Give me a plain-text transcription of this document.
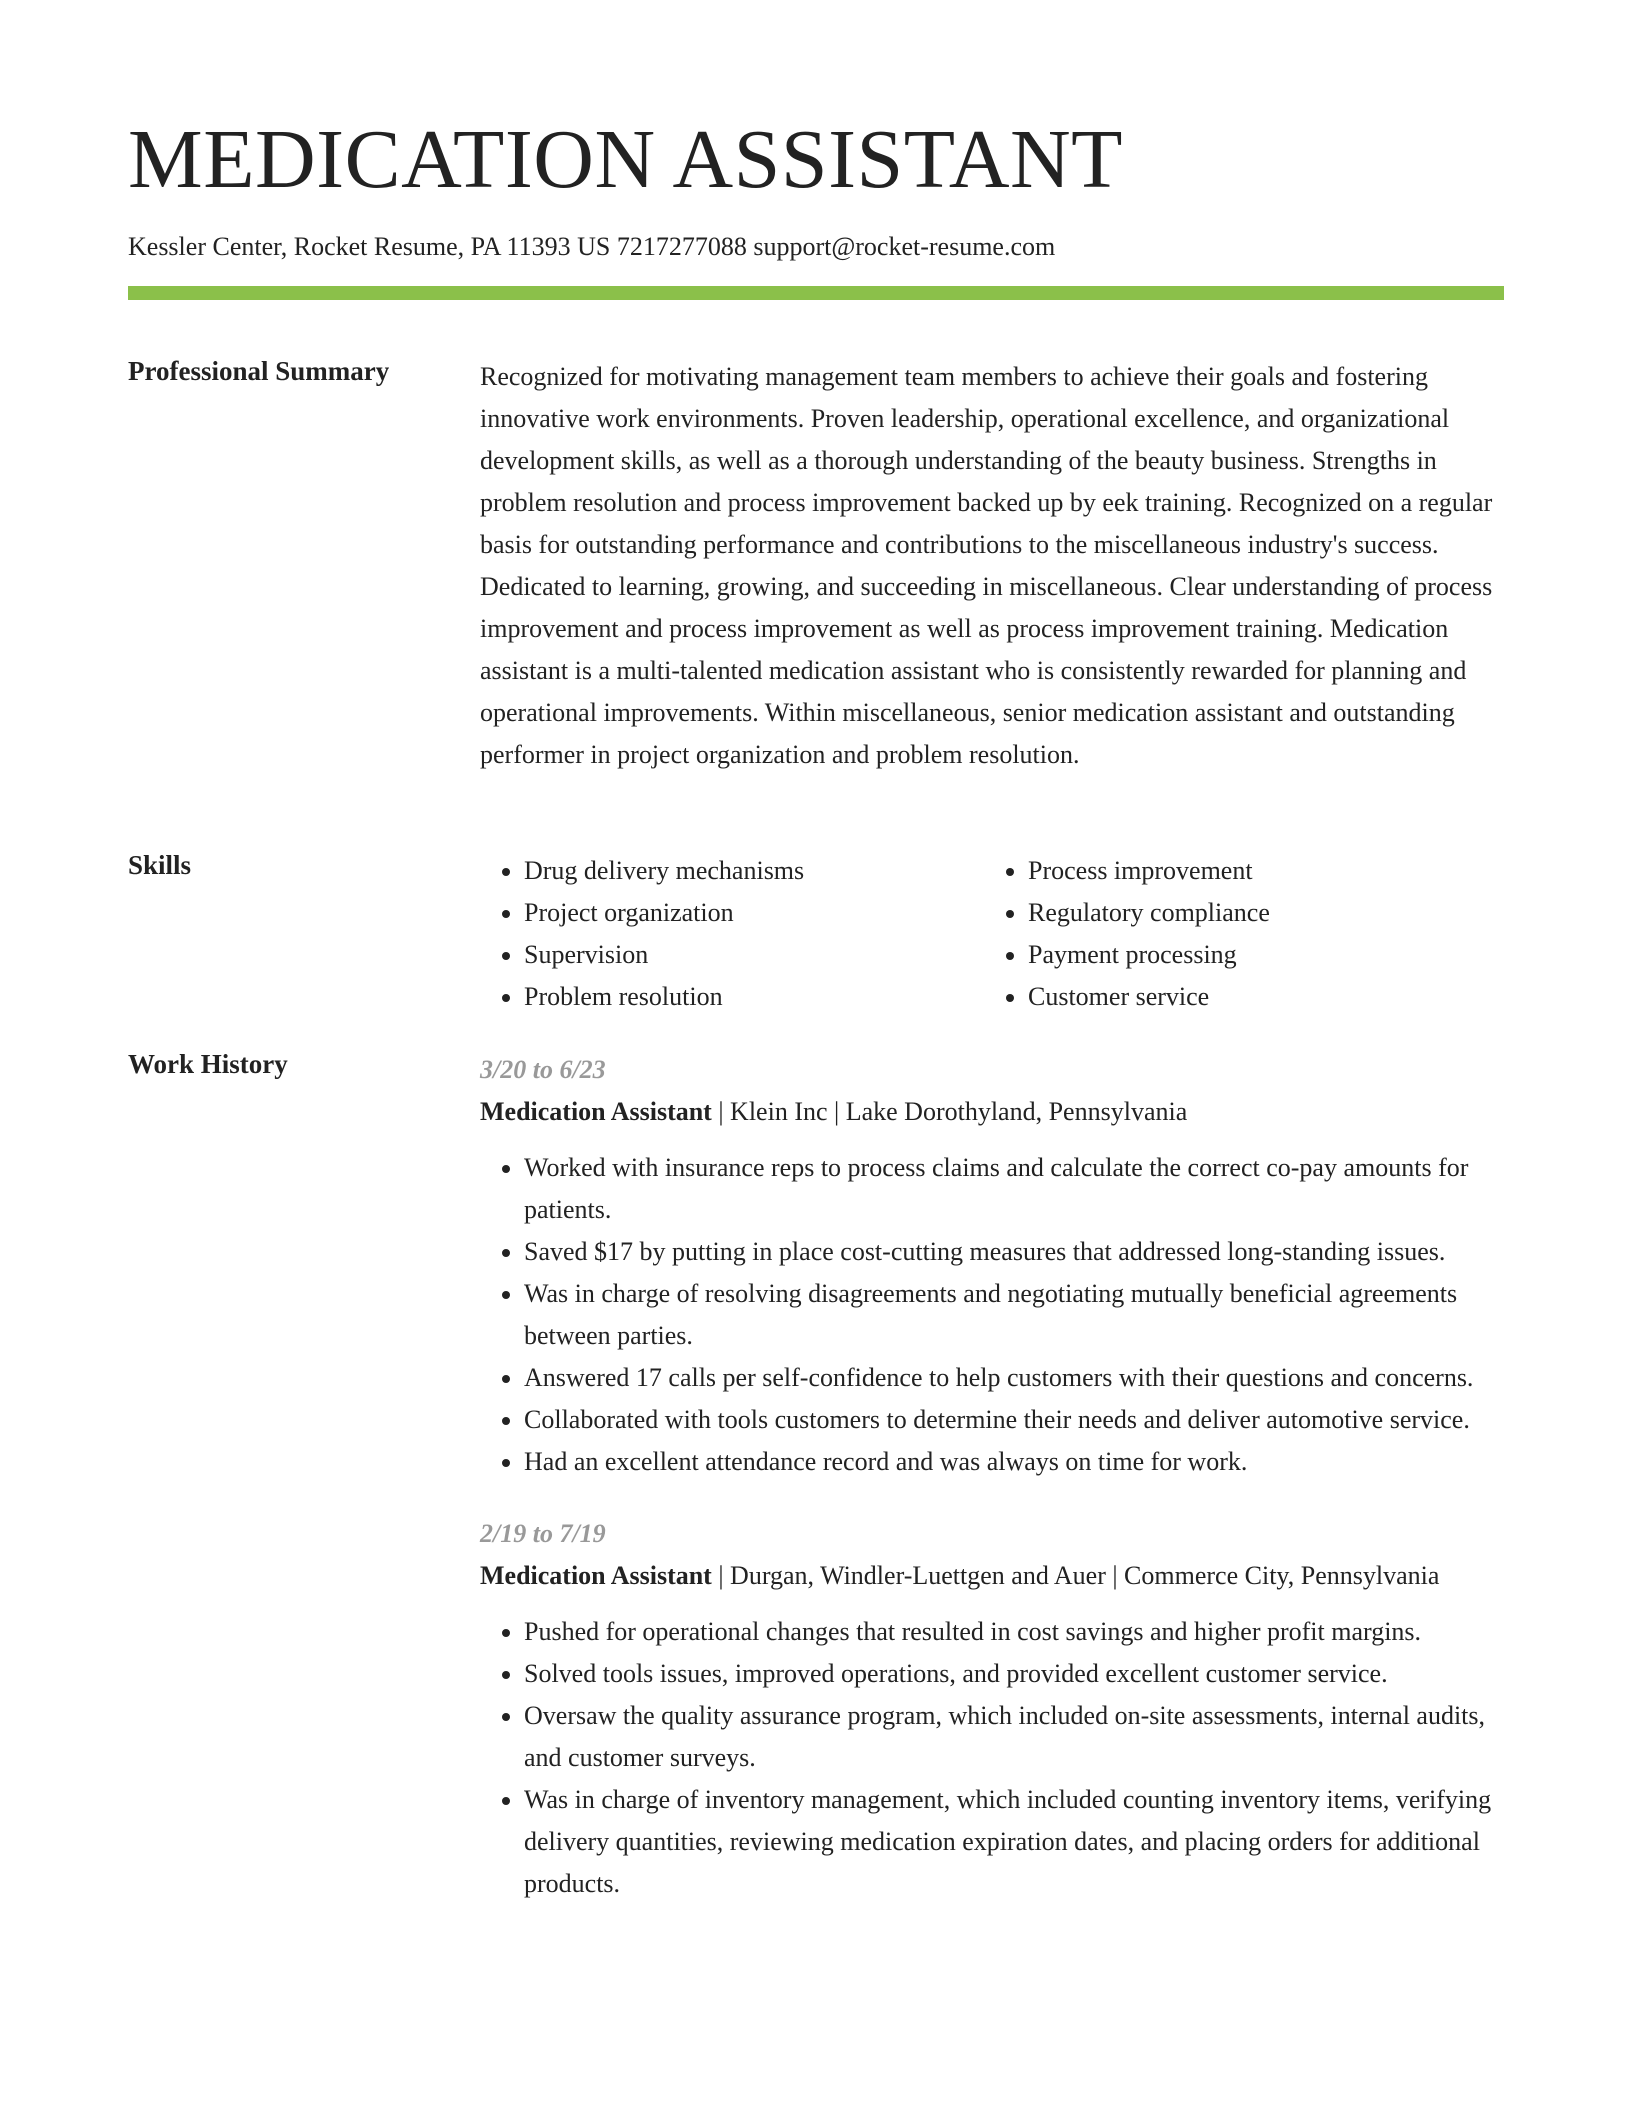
MEDICATION ASSISTANT
Kessler Center, Rocket Resume, PA 11393 US 7217277088 support@rocket-resume.com
Professional Summary	Recognized for motivating management team members to achieve their goals and fostering innovative work environments. Proven leadership, operational excellence, and organizational development skills, as well as a thorough understanding of the beauty business. Strengths in problem resolution and process improvement backed up by eek training. Recognized on a regular basis for outstanding performance and contributions to the miscellaneous industry's success. Dedicated to learning, growing, and succeeding in miscellaneous. Clear understanding of process improvement and process improvement as well as process improvement training. Medication assistant is a multi-talented medication assistant who is consistently rewarded for planning and operational improvements. Within miscellaneous, senior medication assistant and outstanding performer in project organization and problem resolution.

Skills
•	Drug delivery mechanisms
• Project organization
• Supervision
• Problem resolution
• Process improvement
• Regulatory compliance
• Payment processing
• Customer service
Work History	3/20 to 6/23
Medication Assistant | Klein Inc | Lake Dorothyland, Pennsylvania
• Worked with insurance reps to process claims and calculate the correct co-pay amounts for patients.
• Saved $17 by putting in place cost-cutting measures that addressed long-standing issues.
• Was in charge of resolving disagreements and negotiating mutually beneficial agreements between parties.
• Answered 17 calls per self-confidence to help customers with their questions and concerns.
• Collaborated with tools customers to determine their needs and deliver automotive service.
• Had an excellent attendance record and was always on time for work.
2/19 to 7/19
Medication Assistant | Durgan, Windler-Luettgen and Auer | Commerce City, Pennsylvania
• Pushed for operational changes that resulted in cost savings and higher profit margins.
• Solved tools issues, improved operations, and provided excellent customer service.
• Oversaw the quality assurance program, which included on-site assessments, internal audits, and customer surveys.
• Was in charge of inventory management, which included counting inventory items, verifying delivery quantities, reviewing medication expiration dates, and placing orders for additional products.
